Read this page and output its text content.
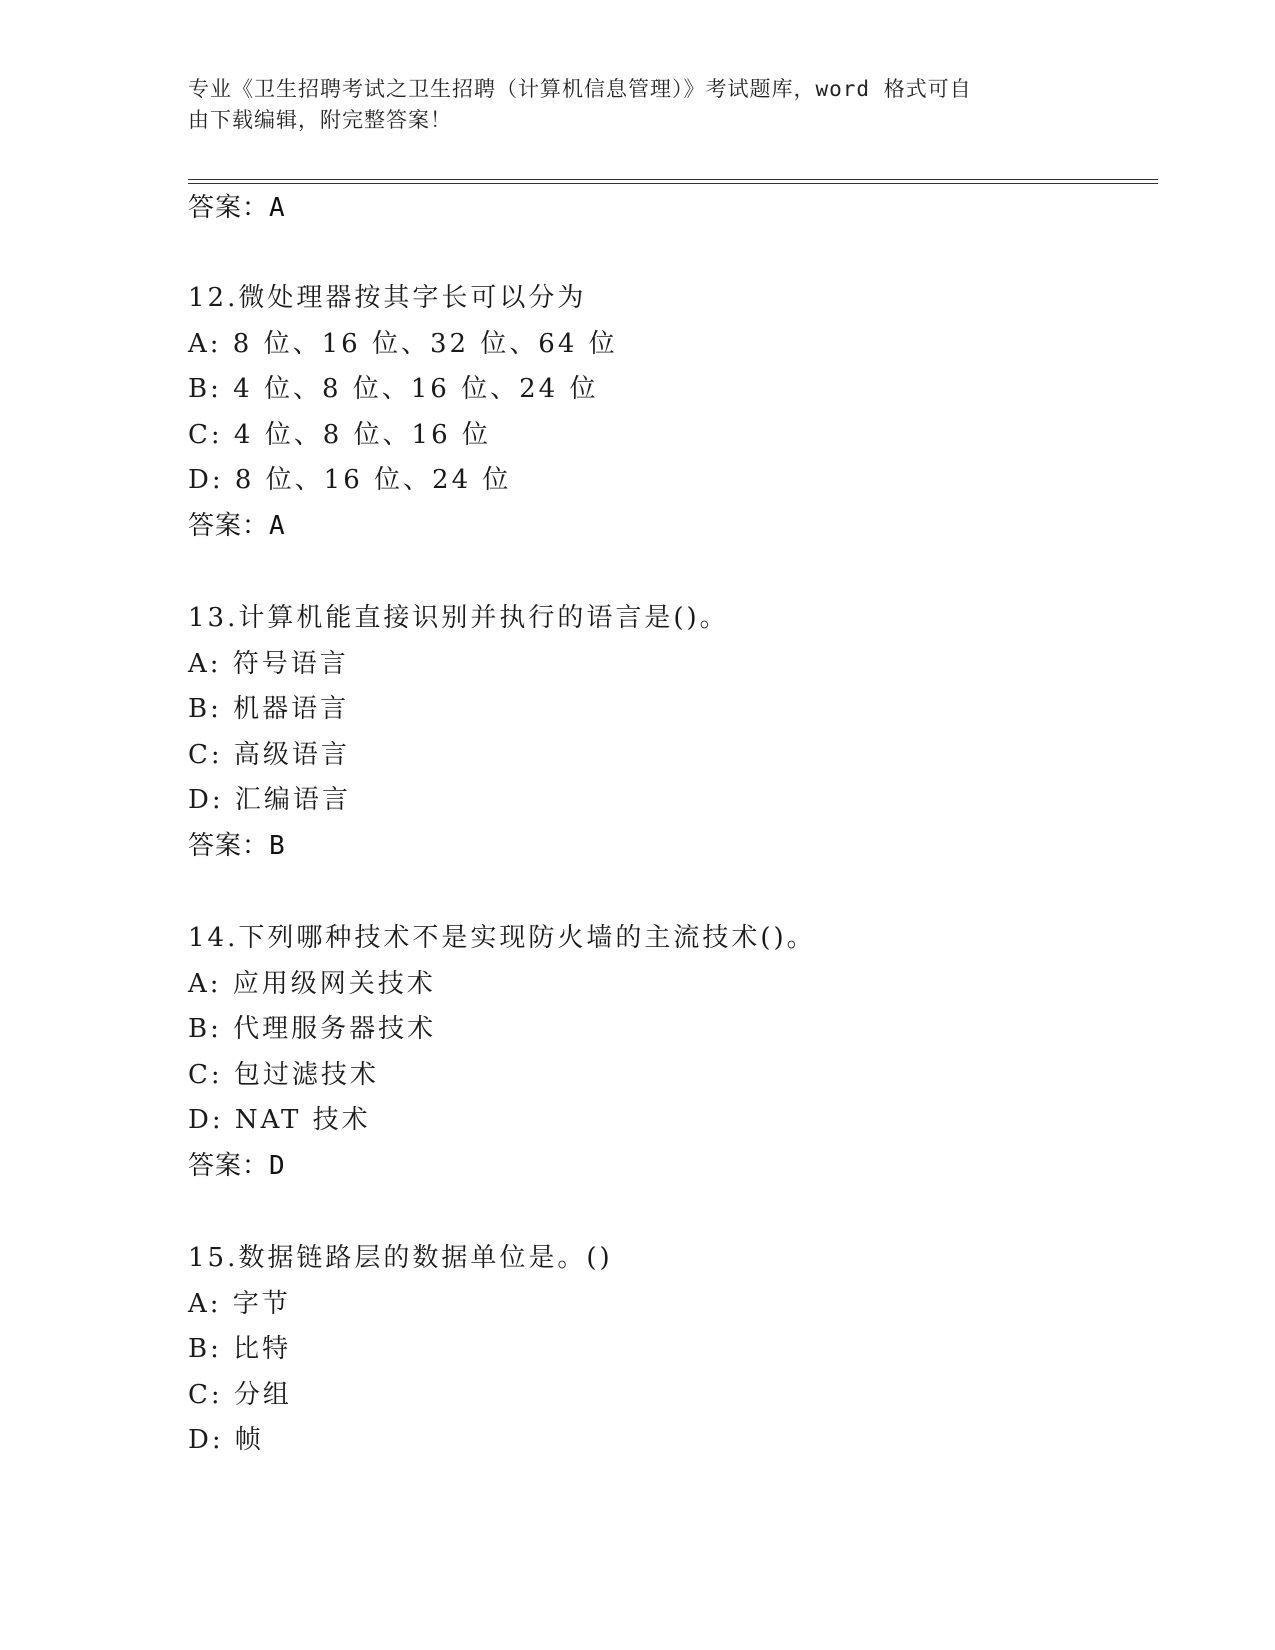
专业《卫生招聘考试之卫生招聘（计算机信息管理）》考试题库，word 格式可自
由下载编辑，附完整答案！
答案：A
12.微处理器按其字长可以分为
A: 8 位、16 位、32 位、64 位
B: 4 位、8 位、16 位、24 位
C: 4 位、8 位、16 位
D: 8 位、16 位、24 位
答案：A
13.计算机能直接识别并执行的语言是()。
A: 符号语言
B: 机器语言
C: 高级语言
D: 汇编语言
答案：B
14.下列哪种技术不是实现防火墙的主流技术()。
A: 应用级网关技术
B: 代理服务器技术
C: 包过滤技术
D: NAT 技术
答案：D
15.数据链路层的数据单位是。()
A: 字节
B: 比特
C: 分组
D: 帧
